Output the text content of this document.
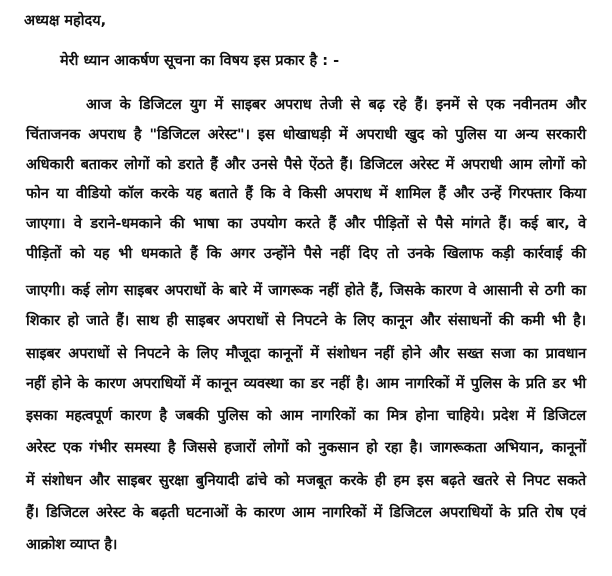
अध्यक्ष महोदय,
मेरी ध्यान आकर्षण सूचना का विषय इस प्रकार है : -
आज के डिजिटल युग में साइबर अपराध तेजी से बढ़ रहे हैं। इनमें से एक नवीनतम और
चिंताजनक अपराध है "डिजिटल अरेस्ट"। इस धोखाधड़ी में अपराधी खुद को पुलिस या अन्य सरकारी
अधिकारी बताकर लोगों को डराते हैं और उनसे पैसे ऐंठते हैं। डिजिटल अरेस्ट में अपराधी आम लोगों को
फोन या वीडियो कॉल करके यह बताते हैं कि वे किसी अपराध में शामिल हैं और उन्हें गिरफ्तार किया
जाएगा। वे डराने-धमकाने की भाषा का उपयोग करते हैं और पीड़ितों से पैसे मांगते हैं। कई बार, वे
पीड़ितों को यह भी धमकाते हैं कि अगर उन्होंने पैसे नहीं दिए तो उनके खिलाफ कड़ी कार्रवाई की
जाएगी। कई लोग साइबर अपराधों के बारे में जागरूक नहीं होते हैं, जिसके कारण वे आसानी से ठगी का
शिकार हो जाते हैं। साथ ही साइबर अपराधों से निपटने के लिए कानून और संसाधनों की कमी भी है।
साइबर अपराधों से निपटने के लिए मौजूदा कानूनों में संशोधन नहीं होने और सख्त सजा का प्रावधान
नहीं होने के कारण अपराधियों में कानून व्यवस्था का डर नहीं है। आम नागरिकों में पुलिस के प्रति डर भी
इसका महत्वपूर्ण कारण है जबकी पुलिस को आम नागरिकों का मित्र होना चाहिये। प्रदेश में डिजिटल
अरेस्ट एक गंभीर समस्या है जिससे हजारों लोगों को नुकसान हो रहा है। जागरूकता अभियान, कानूनों
में संशोधन और साइबर सुरक्षा बुनियादी ढांचे को मजबूत करके ही हम इस बढ़ते खतरे से निपट सकते
हैं। डिजिटल अरेस्ट के बढ़ती घटनाओं के कारण आम नागरिकों में डिजिटल अपराधियों के प्रति रोष एवं
आक्रोश व्याप्त है।
